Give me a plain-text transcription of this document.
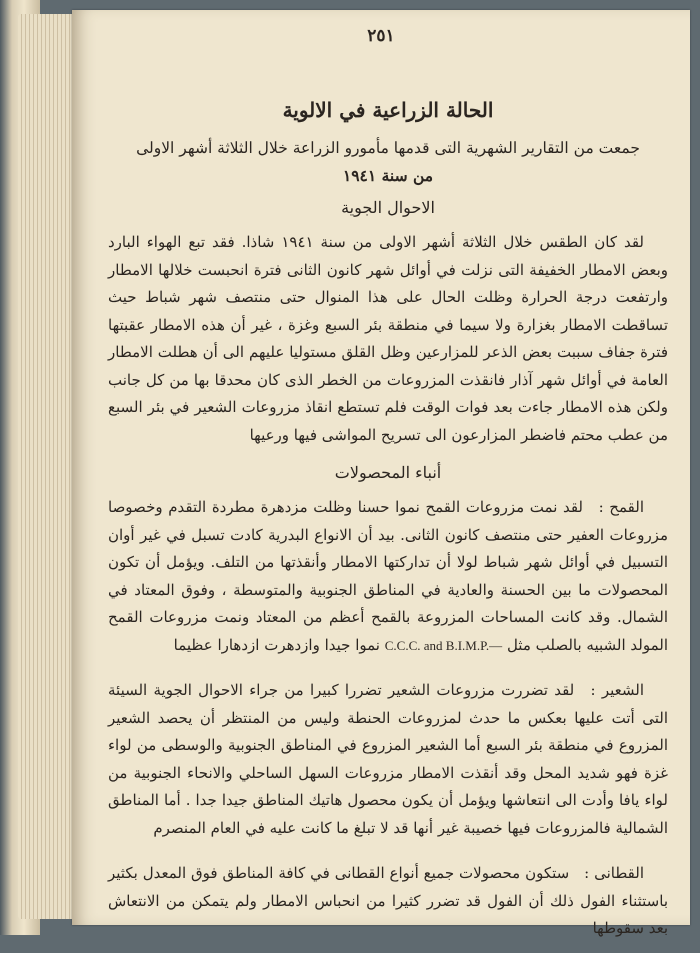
٢٥١
الحالة الزراعية في الالوية
جمعت من التقارير الشهرية التى قدمها مأمورو الزراعة خلال الثلاثة أشهر الاولى
من سنة ١٩٤١
الاحوال الجوية

لقد كان الطقس خلال الثلاثة أشهر الاولى من سنة ١٩٤١ شاذا. فقد تبع الهواء البارد وبعض الامطار الخفيفة التى نزلت في أوائل شهر كانون الثانى فترة انحبست خلالها الامطار وارتفعت درجة الحرارة وظلت الحال على هذا المنوال حتى منتصف شهر شباط حيث تساقطت الامطار بغزارة ولا سيما في منطقة بئر السبع وغزة ، غير أن هذه الامطار عقبتها فترة جفاف سببت بعض الذعر للمزارعين وظل القلق مستوليا عليهم الى أن هطلت الامطار العامة في أوائل شهر آذار فانقذت المزروعات من الخطر الذى كان محدقا بها من كل جانب ولكن هذه الامطار جاءت بعد فوات الوقت فلم تستطع انقاذ مزروعات الشعير في بئر السبع من عطب محتم فاضطر المزارعون الى تسريح المواشى فيها ورعيها

أنباء المحصولات

القمح : لقد نمت مزروعات القمح نموا حسنا وظلت مزدهرة مطردة التقدم وخصوصا مزروعات العفير حتى منتصف كانون الثانى. بيد أن الانواع البدرية كادت تسبل في غير أوان التسبيل في أوائل شهر شباط لولا أن تداركتها الامطار وأنقذتها من التلف. ويؤمل أن تكون المحصولات ما بين الحسنة والعادية في المناطق الجنوبية والمتوسطة ، وفوق المعتاد في الشمال. وقد كانت المساحات المزروعة بالقمح أعظم من المعتاد ونمت مزروعات القمح المولد الشبيه بالصلب مثل C.C.C. and B.I.M.P.— نموا جيدا وازدهرت ازدهارا عظيما

الشعير : لقد تضررت مزروعات الشعير تضررا كبيرا من جراء الاحوال الجوية السيئة التى أتت عليها بعكس ما حدث لمزروعات الحنطة وليس من المنتظر أن يحصد الشعير المزروع في منطقة بئر السبع أما الشعير المزروع في المناطق الجنوبية والوسطى من لواء غزة فهو شديد المحل وقد أنقذت الامطار مزروعات السهل الساحلي والانحاء الجنوبية من لواء يافا وأدت الى انتعاشها ويؤمل أن يكون محصول هاتيك المناطق جيدا جدا . أما المناطق الشمالية فالمزروعات فيها خصيبة غير أنها قد لا تبلغ ما كانت عليه في العام المنصرم

القطانى : ستكون محصولات جميع أنواع القطانى في كافة المناطق فوق المعدل بكثير باستثناء الفول ذلك أن الفول قد تضرر كثيرا من انحباس الامطار ولم يتمكن من الانتعاش بعد سقوطها
